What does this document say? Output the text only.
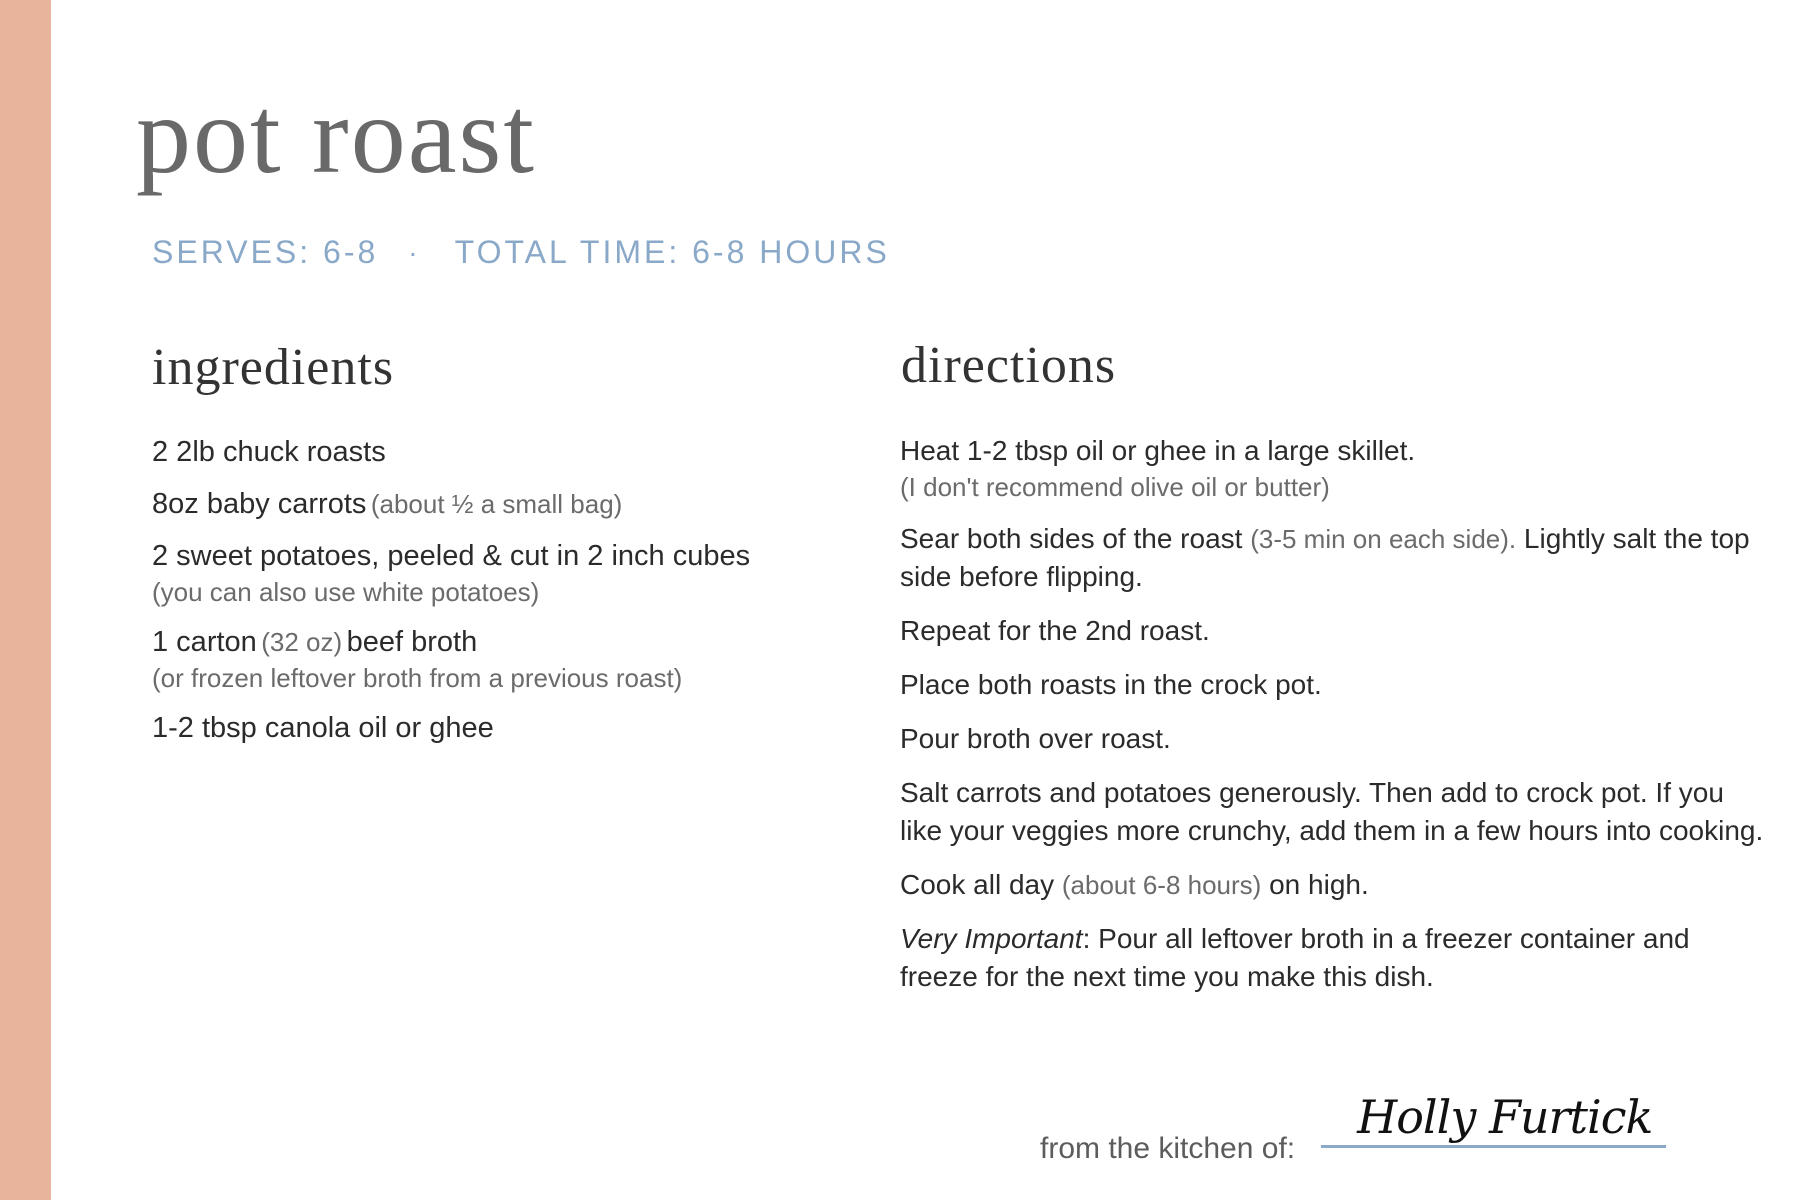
pot roast
SERVES: 6-8 · TOTAL TIME: 6-8 HOURS
ingredients
2 2lb chuck roasts
8oz baby carrots (about ½ a small bag)
2 sweet potatoes, peeled & cut in 2 inch cubes
(you can also use white potatoes)
1 carton (32 oz) beef broth
(or frozen leftover broth from a previous roast)
1-2 tbsp canola oil or ghee
directions
Heat 1-2 tbsp oil or ghee in a large skillet.
(I don't recommend olive oil or butter)
Sear both sides of the roast (3-5 min on each side). Lightly salt the top side before flipping.
Repeat for the 2nd roast.
Place both roasts in the crock pot.
Pour broth over roast.
Salt carrots and potatoes generously. Then add to crock pot. If you like your veggies more crunchy, add them in a few hours into cooking.
Cook all day (about 6-8 hours) on high.
Very Important: Pour all leftover broth in a freezer container and freeze for the next time you make this dish.
from the kitchen of:
Holly Furtick
